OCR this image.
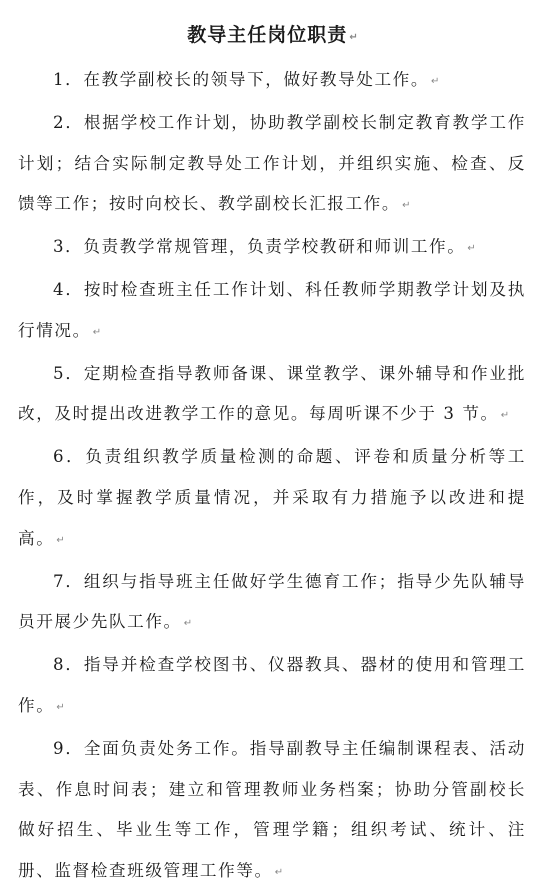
教导主任岗位职责 ↵

1．在教学副校长的领导下，做好教导处工作。 ↵

2．根据学校工作计划，协助教学副校长制定教育教学工作计划；结合实际制定教导处工作计划，并组织实施、检查、反馈等工作；按时向校长、教学副校长汇报工作。 ↵

3．负责教学常规管理，负责学校教研和师训工作。 ↵

4．按时检查班主任工作计划、科任教师学期教学计划及执行情况。 ↵

5．定期检查指导教师备课、课堂教学、课外辅导和作业批改，及时提出改进教学工作的意见。每周听课不少于 3 节。 ↵

6．负责组织教学质量检测的命题、评卷和质量分析等工作，及时掌握教学质量情况，并采取有力措施予以改进和提高。 ↵

7．组织与指导班主任做好学生德育工作；指导少先队辅导员开展少先队工作。 ↵

8．指导并检查学校图书、仪器教具、器材的使用和管理工作。 ↵

9．全面负责处务工作。指导副教导主任编制课程表、活动表、作息时间表；建立和管理教师业务档案；协助分管副校长做好招生、毕业生等工作，管理学籍；组织考试、统计、注册、监督检查班级管理工作等。 ↵
